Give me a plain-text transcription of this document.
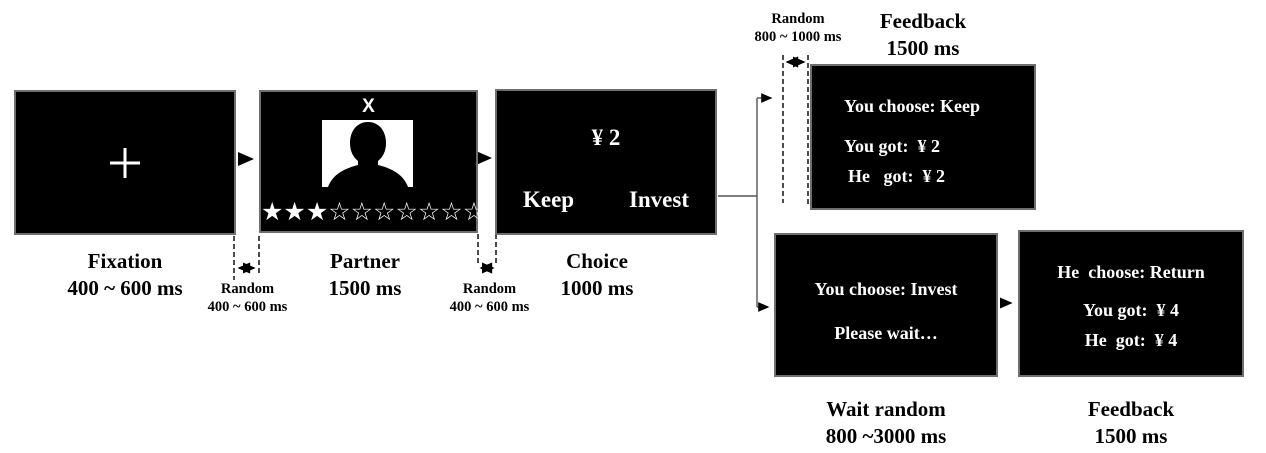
Fixation
400 ~ 600 ms	Random
400 ~ 600 ms
X
★★★☆☆☆☆☆☆☆
Partner
1500 ms	Random
400 ~ 600 ms
¥ 2
Keep Invest
Choice
1000 ms
Random
800 ~ 1000 ms
Feedback
1500 ms
You choose: Keep
You got:  ¥ 2
He   got:  ¥ 2
You choose: Invest
Please wait…
Wait random
800 ~3000 ms
He  choose: Return
You got:  ¥ 4
He  got:  ¥ 4
Feedback
1500 ms
